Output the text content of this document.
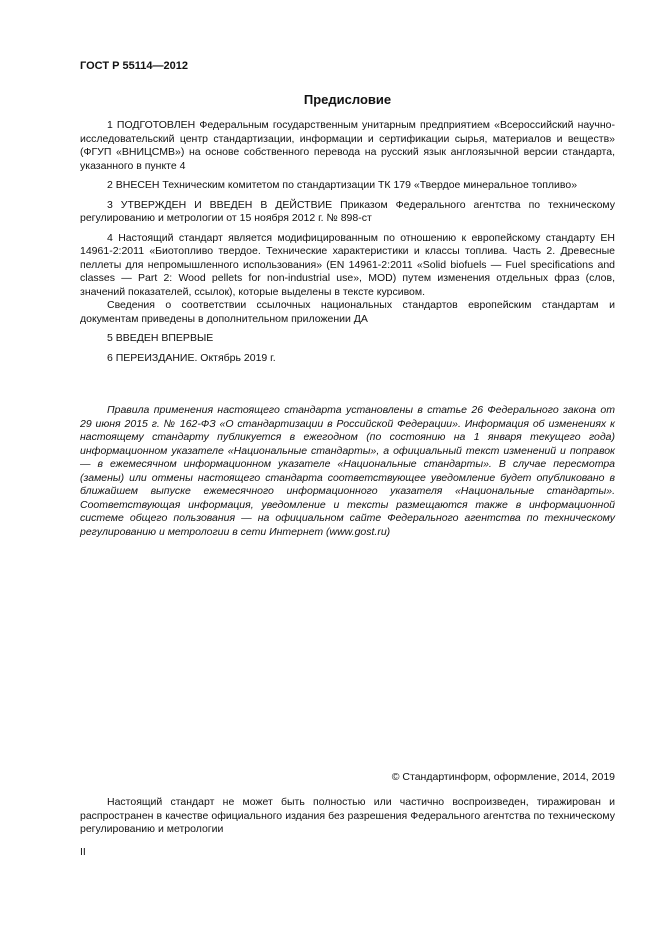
ГОСТ Р 55114—2012
Предисловие

1 ПОДГОТОВЛЕН Федеральным государственным унитарным предприятием «Всероссийский научно-исследовательский центр стандартизации, информации и сертификации сырья, материалов и веществ» (ФГУП «ВНИЦСМВ») на основе собственного перевода на русский язык англоязычной версии стандарта, указанного в пункте 4

2 ВНЕСЕН Техническим комитетом по стандартизации ТК 179 «Твердое минеральное топливо»

3 УТВЕРЖДЕН И ВВЕДЕН В ДЕЙСТВИЕ Приказом Федерального агентства по техническому регулированию и метрологии от 15 ноября 2012 г. № 898-ст

4 Настоящий стандарт является модифицированным по отношению к европейскому стандарту ЕН 14961-2:2011 «Биотопливо твердое. Технические характеристики и классы топлива. Часть 2. Древесные пеллеты для непромышленного использования» (EN 14961-2:2011 «Solid biofuels — Fuel specifications and classes — Part 2: Wood pellets for non-industrial use», MOD) путем изменения отдельных фраз (слов, значений показателей, ссылок), которые выделены в тексте курсивом.

Сведения о соответствии ссылочных национальных стандартов европейским стандартам и документам приведены в дополнительном приложении ДА

5 ВВЕДЕН ВПЕРВЫЕ

6 ПЕРЕИЗДАНИЕ. Октябрь 2019 г.

Правила применения настоящего стандарта установлены в статье 26 Федерального закона от 29 июня 2015 г. № 162-ФЗ «О стандартизации в Российской Федерации». Информация об изменениях к настоящему стандарту публикуется в ежегодном (по состоянию на 1 января текущего года) информационном указателе «Национальные стандарты», а официальный текст изменений и поправок — в ежемесячном информационном указателе «Национальные стандарты». В случае пересмотра (замены) или отмены настоящего стандарта соответствующее уведомление будет опубликовано в ближайшем выпуске ежемесячного информационного указателя «Национальные стандарты». Соответствующая информация, уведомление и тексты размещаются также в информационной системе общего пользования — на официальном сайте Федерального агентства по техническому регулированию и метрологии в сети Интернет (www.gost.ru)

© Стандартинформ, оформление, 2014, 2019

Настоящий стандарт не может быть полностью или частично воспроизведен, тиражирован и распространен в качестве официального издания без разрешения Федерального агентства по техническому регулированию и метрологии

II
